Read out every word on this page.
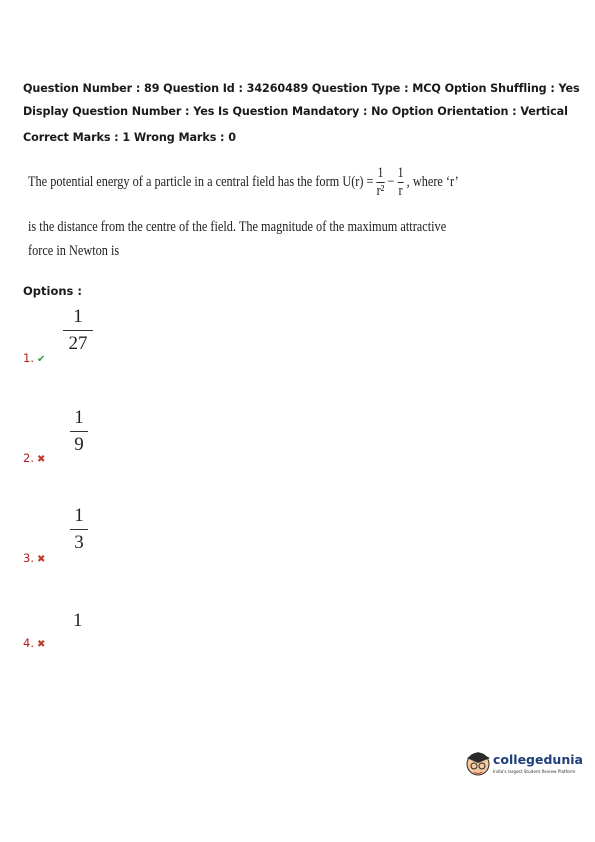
Question Number : 89 Question Id : 34260489 Question Type : MCQ Option Shuffling : Yes
Display Question Number : Yes Is Question Mandatory : No Option Orientation : Vertical
Correct Marks : 1 Wrong Marks : 0
The potential energy of a particle in a central field has the form $U(r) = \frac{1}{\text{r²}} - \frac{1}{r}$ , where ‘r’
is the distance from the centre of the field. The magnitude of the maximum attractive
force in Newton is
Options :
1
27
1. ✔
1
9
2. ✖
1
3
3. ✖
1
4. ✖
collegedunia
India's largest Student Review Platform
